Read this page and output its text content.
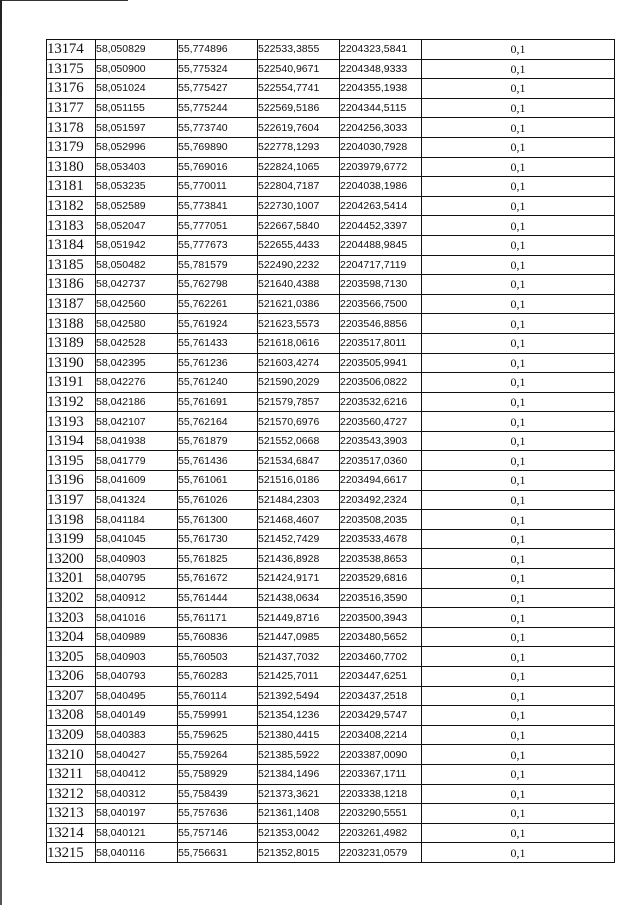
13174	58,050829	55,774896	522533,3855	2204323,5841	0,1
13175	58,050900	55,775324	522540,9671	2204348,9333	0,1
13176	58,051024	55,775427	522554,7741	2204355,1938	0,1
13177	58,051155	55,775244	522569,5186	2204344,5115	0,1
13178	58,051597	55,773740	522619,7604	2204256,3033	0,1
13179	58,052996	55,769890	522778,1293	2204030,7928	0,1
13180	58,053403	55,769016	522824,1065	2203979,6772	0,1
13181	58,053235	55,770011	522804,7187	2204038,1986	0,1
13182	58,052589	55,773841	522730,1007	2204263,5414	0,1
13183	58,052047	55,777051	522667,5840	2204452,3397	0,1
13184	58,051942	55,777673	522655,4433	2204488,9845	0,1
13185	58,050482	55,781579	522490,2232	2204717,7119	0,1
13186	58,042737	55,762798	521640,4388	2203598,7130	0,1
13187	58,042560	55,762261	521621,0386	2203566,7500	0,1
13188	58,042580	55,761924	521623,5573	2203546,8856	0,1
13189	58,042528	55,761433	521618,0616	2203517,8011	0,1
13190	58,042395	55,761236	521603,4274	2203505,9941	0,1
13191	58,042276	55,761240	521590,2029	2203506,0822	0,1
13192	58,042186	55,761691	521579,7857	2203532,6216	0,1
13193	58,042107	55,762164	521570,6976	2203560,4727	0,1
13194	58,041938	55,761879	521552,0668	2203543,3903	0,1
13195	58,041779	55,761436	521534,6847	2203517,0360	0,1
13196	58,041609	55,761061	521516,0186	2203494,6617	0,1
13197	58,041324	55,761026	521484,2303	2203492,2324	0,1
13198	58,041184	55,761300	521468,4607	2203508,2035	0,1
13199	58,041045	55,761730	521452,7429	2203533,4678	0,1
13200	58,040903	55,761825	521436,8928	2203538,8653	0,1
13201	58,040795	55,761672	521424,9171	2203529,6816	0,1
13202	58,040912	55,761444	521438,0634	2203516,3590	0,1
13203	58,041016	55,761171	521449,8716	2203500,3943	0,1
13204	58,040989	55,760836	521447,0985	2203480,5652	0,1
13205	58,040903	55,760503	521437,7032	2203460,7702	0,1
13206	58,040793	55,760283	521425,7011	2203447,6251	0,1
13207	58,040495	55,760114	521392,5494	2203437,2518	0,1
13208	58,040149	55,759991	521354,1236	2203429,5747	0,1
13209	58,040383	55,759625	521380,4415	2203408,2214	0,1
13210	58,040427	55,759264	521385,5922	2203387,0090	0,1
13211	58,040412	55,758929	521384,1496	2203367,1711	0,1
13212	58,040312	55,758439	521373,3621	2203338,1218	0,1
13213	58,040197	55,757636	521361,1408	2203290,5551	0,1
13214	58,040121	55,757146	521353,0042	2203261,4982	0,1
13215	58,040116	55,756631	521352,8015	2203231,0579	0,1
